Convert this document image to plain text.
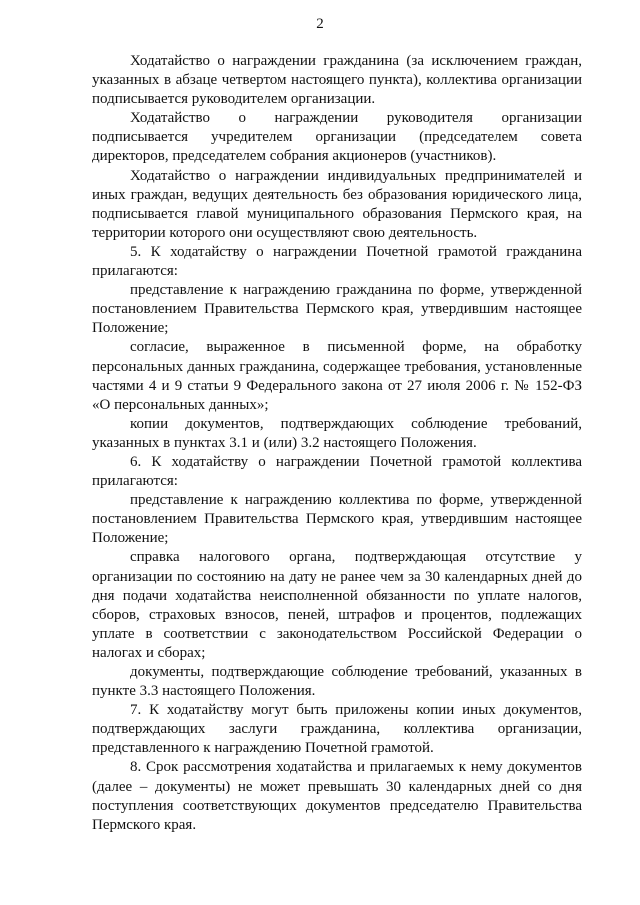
2

Ходатайство о награждении гражданина (за исключением граждан, указанных в абзаце четвертом настоящего пункта), коллектива организации подписывается руководителем организации.

Ходатайство о награждении руководителя организации подписывается учредителем организации (председателем совета директоров, председателем собрания акционеров (участников).

Ходатайство о награждении индивидуальных предпринимателей и иных граждан, ведущих деятельность без образования юридического лица, подписывается главой муниципального образования Пермского края, на территории которого они осуществляют свою деятельность.

5. К ходатайству о награждении Почетной грамотой гражданина прилагаются:

представление к награждению гражданина по форме, утвержденной постановлением Правительства Пермского края, утвердившим настоящее Положение;

согласие, выраженное в письменной форме, на обработку персональных данных гражданина, содержащее требования, установленные частями 4 и 9 статьи 9 Федерального закона от 27 июля 2006 г. № 152-ФЗ «О персональных данных»;

копии документов, подтверждающих соблюдение требований, указанных в пунктах 3.1 и (или) 3.2 настоящего Положения.

6. К ходатайству о награждении Почетной грамотой коллектива прилагаются:

представление к награждению коллектива по форме, утвержденной постановлением Правительства Пермского края, утвердившим настоящее Положение;

справка налогового органа, подтверждающая отсутствие у организации по состоянию на дату не ранее чем за 30 календарных дней до дня подачи ходатайства неисполненной обязанности по уплате налогов, сборов, страховых взносов, пеней, штрафов и процентов, подлежащих уплате в соответствии с законодательством Российской Федерации о налогах и сборах;

документы, подтверждающие соблюдение требований, указанных в пункте 3.3 настоящего Положения.

7. К ходатайству могут быть приложены копии иных документов, подтверждающих заслуги гражданина, коллектива организации, представленного к награждению Почетной грамотой.

8. Срок рассмотрения ходатайства и прилагаемых к нему документов (далее – документы) не может превышать 30 календарных дней со дня поступления соответствующих документов председателю Правительства Пермского края.
